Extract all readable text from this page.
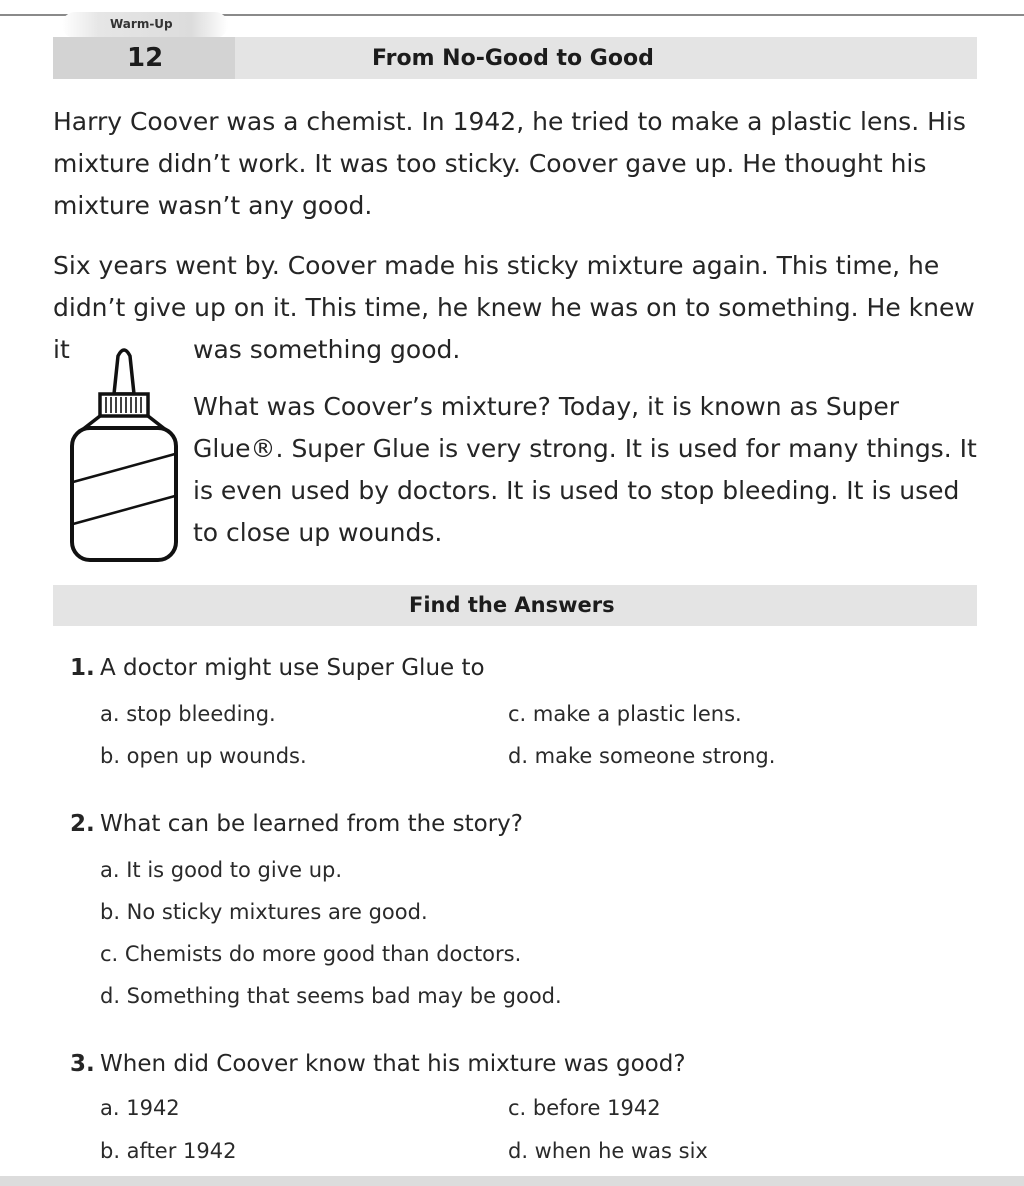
Warm-Up
12	From No-Good to Good

Harry Coover was a chemist. In 1942, he tried to make a plastic lens. His mixture didn’t work. It was too sticky. Coover gave up. He thought his mixture wasn’t any good.

Six years went by. Coover made his sticky mixture again. This time, he didn’t give up on it. This time, he knew he was on to something. He knew it	was something good.

What was Coover’s mixture? Today, it is known as Super Glue®. Super Glue is very strong. It is used for many things. It is even used by doctors. It is used to stop bleeding. It is used to close up wounds.

Find the Answers
1. A doctor might use Super Glue to
a. stop bleeding.
b. open up wounds.
c. make a plastic lens.
d. make someone strong.
2. What can be learned from the story?
a. It is good to give up.
b. No sticky mixtures are good.
c. Chemists do more good than doctors.
d. Something that seems bad may be good.
3. When did Coover know that his mixture was good?
a. 1942
b. after 1942
c. before 1942
d. when he was six
